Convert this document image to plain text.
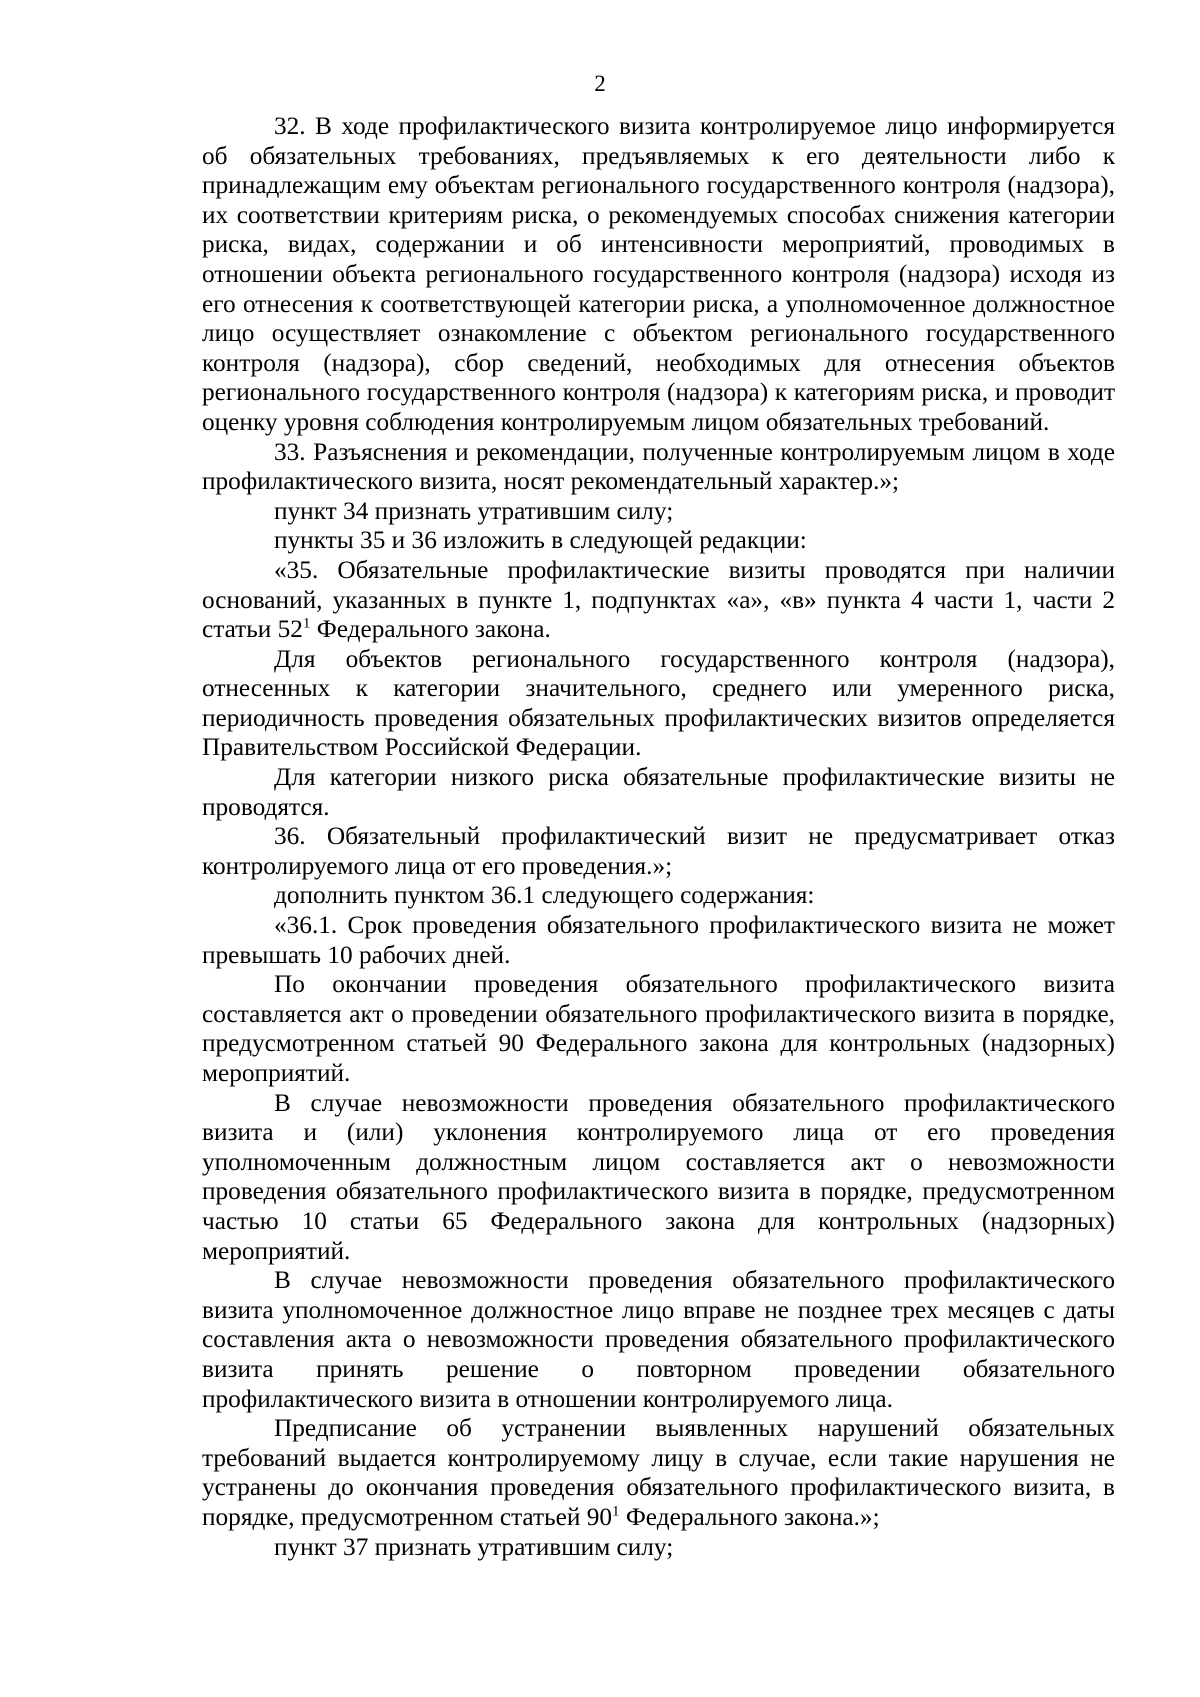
2

32. В ходе профилактического визита контролируемое лицо информируется об обязательных требованиях, предъявляемых к его деятельности либо к принадлежащим ему объектам регионального государственного контроля (надзора), их соответствии критериям риска, о рекомендуемых способах снижения категории риска, видах, содержании и об интенсивности мероприятий, проводимых в отношении объекта регионального государственного контроля (надзора) исходя из его отнесения к соответствующей категории риска, а уполномоченное должностное лицо осуществляет ознакомление с объектом регионального государственного контроля (надзора), сбор сведений, необходимых для отнесения объектов регионального государственного контроля (надзора) к категориям риска, и проводит оценку уровня соблюдения контролируемым лицом обязательных требований.

33. Разъяснения и рекомендации, полученные контролируемым лицом в ходе профилактического визита, носят рекомендательный характер.»;

пункт 34 признать утратившим силу;

пункты 35 и 36 изложить в следующей редакции:

«35. Обязательные профилактические визиты проводятся при наличии оснований, указанных в пункте 1, подпунктах «а», «в» пункта 4 части 1, части 2 статьи $52^1$ Федерального закона.

Для объектов регионального государственного контроля (надзора), отнесенных к категории значительного, среднего или умеренного риска, периодичность проведения обязательных профилактических визитов определяется Правительством Российской Федерации.

Для категории низкого риска обязательные профилактические визиты не проводятся.

36. Обязательный профилактический визит не предусматривает отказ контролируемого лица от его проведения.»;

дополнить пунктом 36.1 следующего содержания:

«36.1. Срок проведения обязательного профилактического визита не может превышать 10 рабочих дней.

По окончании проведения обязательного профилактического визита составляется акт о проведении обязательного профилактического визита в порядке, предусмотренном статьей 90 Федерального закона для контрольных (надзорных) мероприятий.

В случае невозможности проведения обязательного профилактического визита и (или) уклонения контролируемого лица от его проведения уполномоченным должностным лицом составляется акт о невозможности проведения обязательного профилактического визита в порядке, предусмотренном частью 10 статьи 65 Федерального закона для контрольных (надзорных) мероприятий.

В случае невозможности проведения обязательного профилактического визита уполномоченное должностное лицо вправе не позднее трех месяцев с даты составления акта о невозможности проведения обязательного профилактического визита принять решение о повторном проведении обязательного профилактического визита в отношении контролируемого лица.

Предписание об устранении выявленных нарушений обязательных требований выдается контролируемому лицу в случае, если такие нарушения не устранены до окончания проведения обязательного профилактического визита, в порядке, предусмотренном статьей $90^1$ Федерального закона.»;

пункт 37 признать утратившим силу;
